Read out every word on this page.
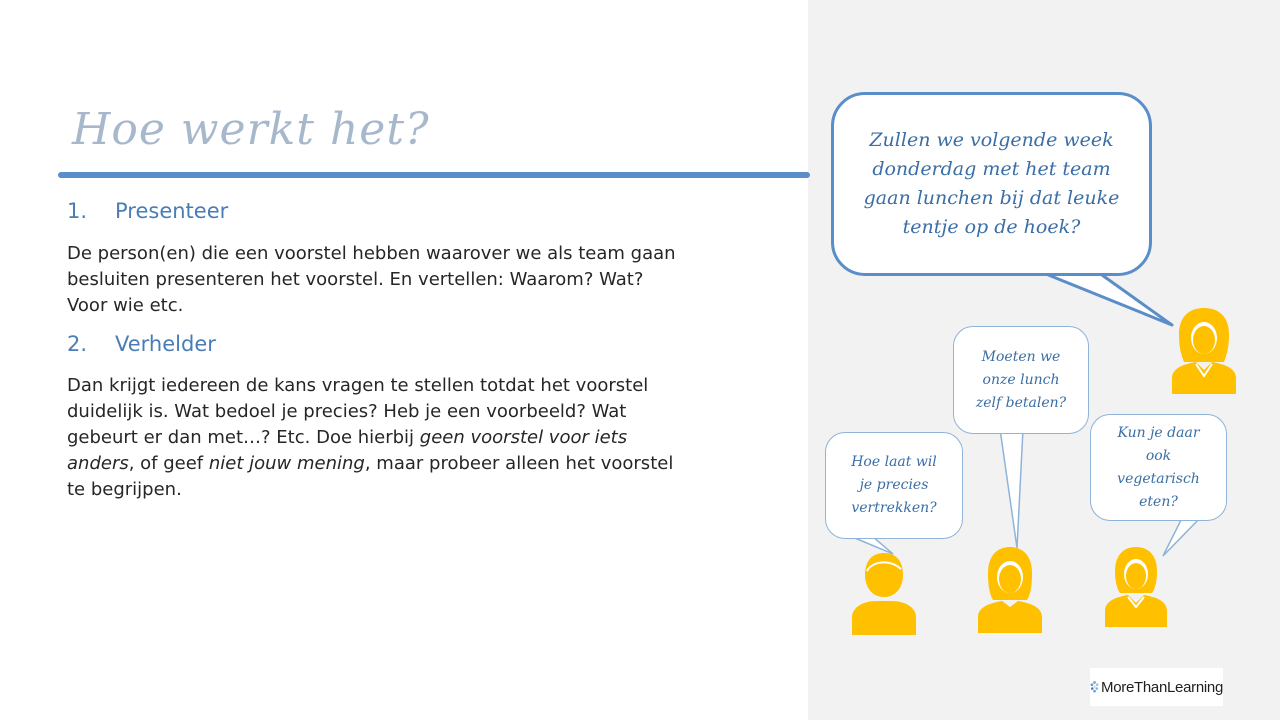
Hoe werkt het?
1. Presenteer

De person(en) die een voorstel hebben waarover we als team gaan besluiten presenteren het voorstel. En vertellen: Waarom? Wat? Voor wie etc.

2. Verhelder

Dan krijgt iedereen de kans vragen te stellen totdat het voorstel duidelijk is. Wat bedoel je precies? Heb je een voorbeeld? Wat gebeurt er dan met…? Etc. Doe hierbij geen voorstel voor iets anders, of geef niet jouw mening, maar probeer alleen het voorstel te begrijpen.

Zullen we volgende week
donderdag met het team
gaan lunchen bij dat leuke
tentje op de hoek?
Moeten we
onze lunch
zelf betalen?
Hoe laat wil
je precies
vertrekken?
Kun je daar
ook
vegetarisch
eten?
MoreThanLearning
